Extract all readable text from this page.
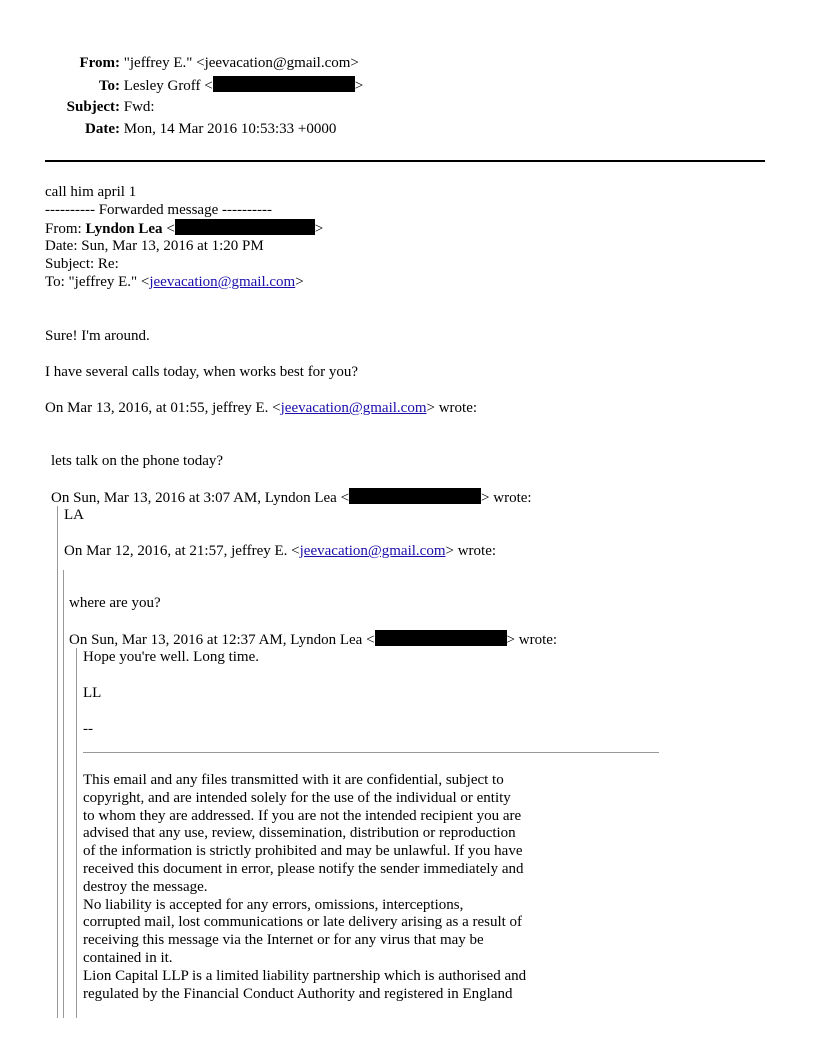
From: "jeffrey E." <jeevacation@gmail.com>
To: Lesley Groff <	>
Subject: Fwd:
Date: Mon, 14 Mar 2016 10:53:33 +0000
call him april 1
---------- Forwarded message ----------
From: Lyndon Lea <	>
Date: Sun, Mar 13, 2016 at 1:20 PM
Subject: Re:
To: "jeffrey E." <jeevacation@gmail.com>
Sure! I'm around.
I have several calls today, when works best for you?
On Mar 13, 2016, at 01:55, jeffrey E. <jeevacation@gmail.com> wrote:
lets talk on the phone today?
On Sun, Mar 13, 2016 at 3:07 AM, Lyndon Lea <	> wrote:
LA
On Mar 12, 2016, at 21:57, jeffrey E. <jeevacation@gmail.com> wrote:
where are you?
On Sun, Mar 13, 2016 at 12:37 AM, Lyndon Lea <	> wrote:
Hope you're well. Long time.
LL
--
This email and any files transmitted with it are confidential, subject to
copyright, and are intended solely for the use of the individual or entity
to whom they are addressed. If you are not the intended recipient you are
advised that any use, review, dissemination, distribution or reproduction
of the information is strictly prohibited and may be unlawful. If you have
received this document in error, please notify the sender immediately and
destroy the message.
No liability is accepted for any errors, omissions, interceptions,
corrupted mail, lost communications or late delivery arising as a result of
receiving this message via the Internet or for any virus that may be
contained in it.
Lion Capital LLP is a limited liability partnership which is authorised and
regulated by the Financial Conduct Authority and registered in England
